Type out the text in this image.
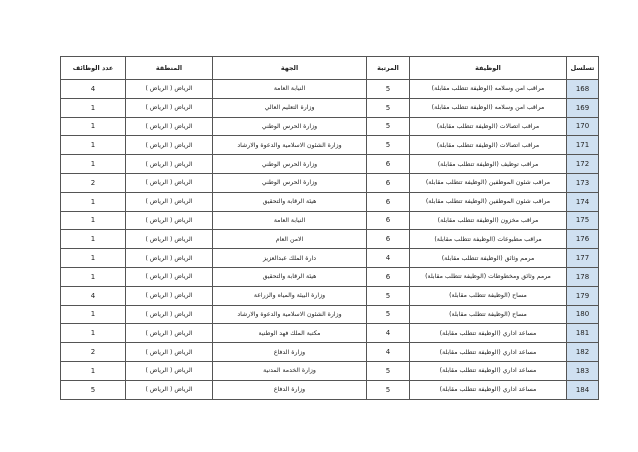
تسلسل	الوظيفة	المرتبة	الجهة	المنطقة	عدد الوظائف
168	مراقب امن وسلامه (الوظيفة تتطلب مقابلة)	5	النيابة العامة	الرياض ( الرياض )	4
169	مراقب امن وسلامه (الوظيفة تتطلب مقابلة)	5	وزارة التعليم العالي	الرياض ( الرياض )	1
170	مراقب اتصالات (الوظيفة تتطلب مقابلة)	5	وزارة الحرس الوطني	الرياض ( الرياض )	1
171	مراقب اتصالات (الوظيفة تتطلب مقابلة)	5	وزارة الشئون الاسلامية والدعوة والارشاد	الرياض ( الرياض )	1
172	مراقب توظيف (الوظيفة تتطلب مقابلة)	6	وزارة الحرس الوطني	الرياض ( الرياض )	1
173	مراقب شئون الموظفين (الوظيفة تتطلب مقابلة)	6	وزارة الحرس الوطني	الرياض ( الرياض )	2
174	مراقب شئون الموظفين (الوظيفة تتطلب مقابلة)	6	هيئة الرقابة والتحقيق	الرياض ( الرياض )	1
175	مراقب مخزون (الوظيفة تتطلب مقابلة)	6	النيابة العامة	الرياض ( الرياض )	1
176	مراقب مطبوعات (الوظيفة تتطلب مقابلة)	6	الامن العام	الرياض ( الرياض )	1
177	مرمم وثائق (الوظيفة تتطلب مقابلة)	4	دارة الملك عبدالعزيز	الرياض ( الرياض )	1
178	مرمم وثائق ومخطوطات (الوظيفة تتطلب مقابلة)	6	هيئة الرقابة والتحقيق	الرياض ( الرياض )	1
179	مساح (الوظيفة تتطلب مقابلة)	5	وزارة البيئة والمياه والزراعة	الرياض ( الرياض )	4
180	مساح (الوظيفة تتطلب مقابلة)	5	وزارة الشئون الاسلامية والدعوة والارشاد	الرياض ( الرياض )	1
181	مساعد اداري (الوظيفة تتطلب مقابلة)	4	مكتبة الملك فهد الوطنية	الرياض ( الرياض )	1
182	مساعد اداري (الوظيفة تتطلب مقابلة)	4	وزارة الدفاع	الرياض ( الرياض )	2
183	مساعد اداري (الوظيفة تتطلب مقابلة)	5	وزارة الخدمة المدنية	الرياض ( الرياض )	1
184	مساعد اداري (الوظيفة تتطلب مقابلة)	5	وزارة الدفاع	الرياض ( الرياض )	5
